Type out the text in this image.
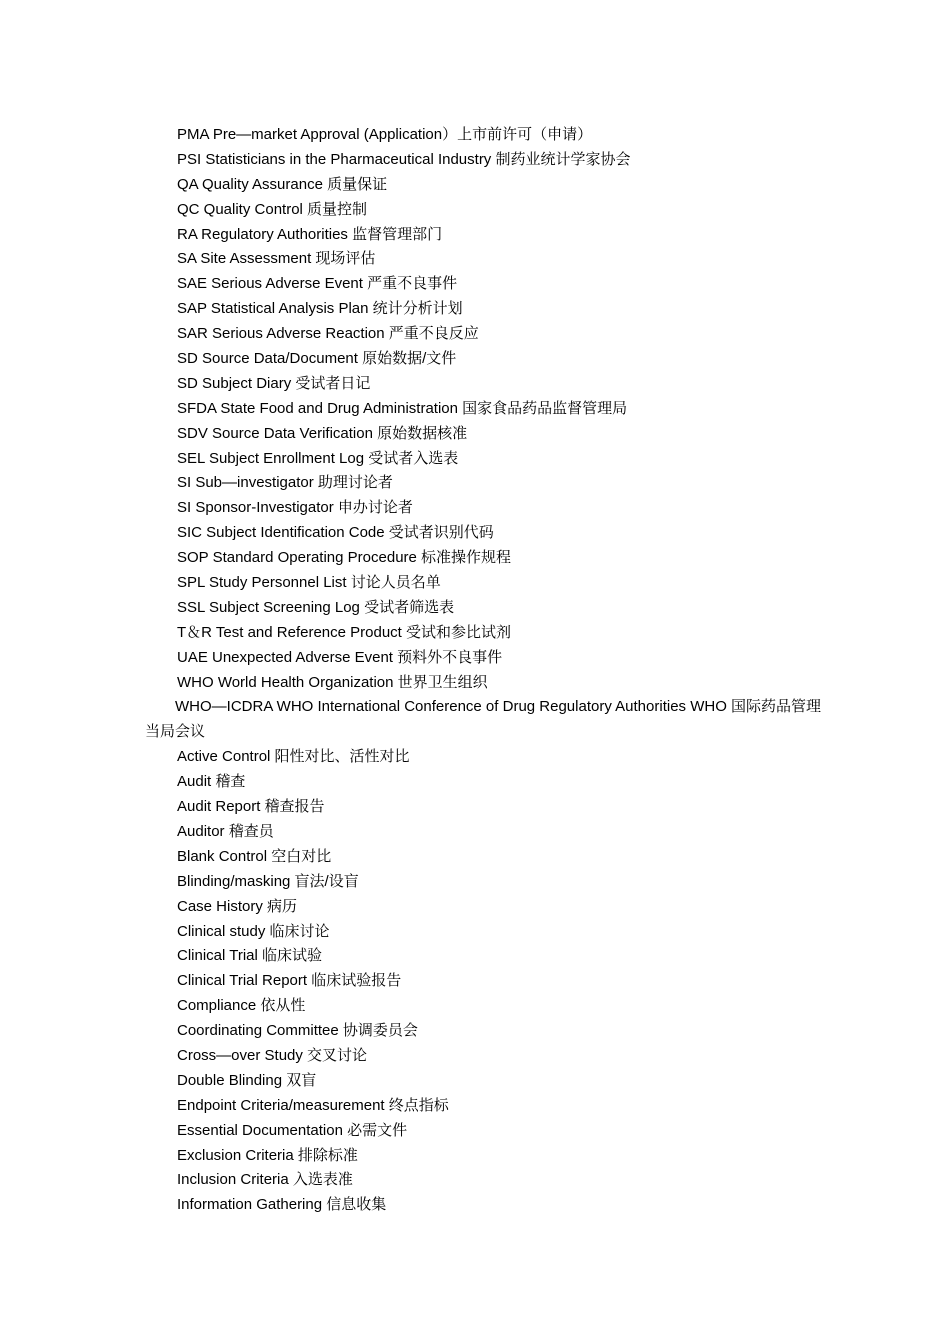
PMA Pre—market Approval (Application）上市前许可（申请）
PSI Statisticians in the Pharmaceutical Industry 制药业统计学家协会
QA Quality Assurance 质量保证
QC Quality Control 质量控制
RA Regulatory Authorities 监督管理部门
SA Site Assessment 现场评估
SAE Serious Adverse Event 严重不良事件
SAP Statistical Analysis Plan 统计分析计划
SAR Serious Adverse Reaction 严重不良反应
SD Source Data/Document 原始数据/文件
SD Subject Diary 受试者日记
SFDA State Food and Drug Administration 国家食品药品监督管理局
SDV Source Data Verification 原始数据核准
SEL Subject Enrollment Log 受试者入选表
SI Sub—investigator 助理讨论者
SI Sponsor-Investigator 申办讨论者
SIC Subject Identification Code 受试者识别代码
SOP Standard Operating Procedure 标准操作规程
SPL Study Personnel List 讨论人员名单
SSL Subject Screening Log 受试者筛选表
T＆R Test and Reference Product 受试和参比试剂
UAE Unexpected Adverse Event 预料外不良事件
WHO World Health Organization 世界卫生组织
WHO—ICDRA WHO International Conference of Drug Regulatory Authorities WHO 国际药品管理当局会议
Active Control 阳性对比、活性对比
Audit 稽查
Audit Report 稽查报告
Auditor 稽查员
Blank Control 空白对比
Blinding/masking 盲法/设盲
Case History 病历
Clinical study 临床讨论
Clinical Trial 临床试验
Clinical Trial Report 临床试验报告
Compliance 依从性
Coordinating Committee 协调委员会
Cross—over Study 交叉讨论
Double Blinding 双盲
Endpoint Criteria/measurement 终点指标
Essential Documentation 必需文件
Exclusion Criteria 排除标准
Inclusion Criteria 入选表准
Information Gathering 信息收集
